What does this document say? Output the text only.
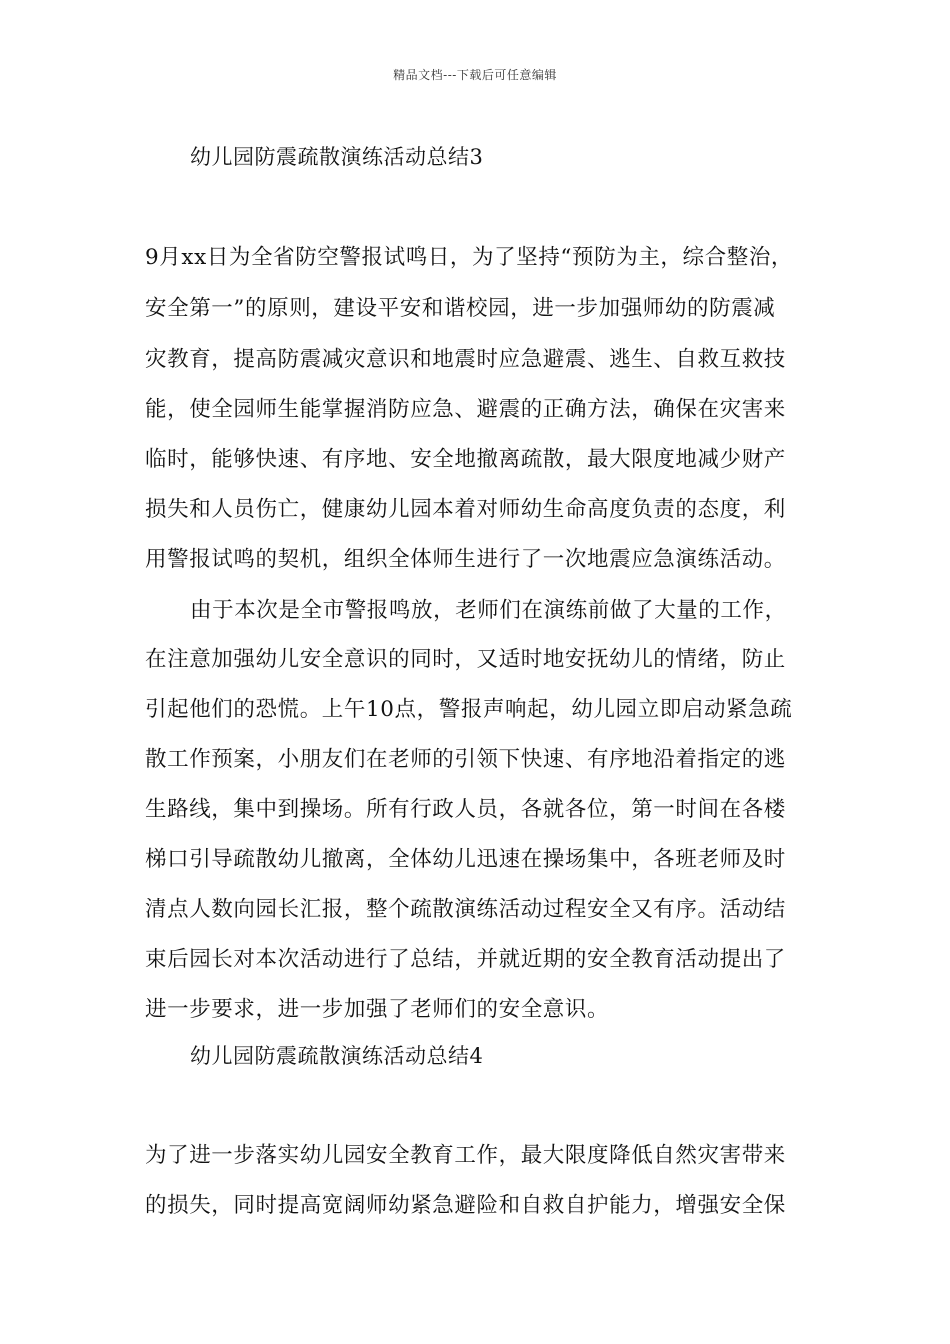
精品文档---下载后可任意编辑
幼儿园防震疏散演练活动总结3
9月xx日为全省防空警报试鸣日，为了坚持“预防为主，综合整治，
安全第一”的原则，建设平安和谐校园，进一步加强师幼的防震减
灾教育，提高防震减灾意识和地震时应急避震、逃生、自救互救技
能，使全园师生能掌握消防应急、避震的正确方法，确保在灾害来
临时，能够快速、有序地、安全地撤离疏散，最大限度地减少财产
损失和人员伤亡，健康幼儿园本着对师幼生命高度负责的态度，利
用警报试鸣的契机，组织全体师生进行了一次地震应急演练活动。
由于本次是全市警报鸣放，老师们在演练前做了大量的工作，
在注意加强幼儿安全意识的同时，又适时地安抚幼儿的情绪，防止
引起他们的恐慌。上午10点，警报声响起，幼儿园立即启动紧急疏
散工作预案，小朋友们在老师的引领下快速、有序地沿着指定的逃
生路线，集中到操场。所有行政人员，各就各位，第一时间在各楼
梯口引导疏散幼儿撤离，全体幼儿迅速在操场集中，各班老师及时
清点人数向园长汇报，整个疏散演练活动过程安全又有序。活动结
束后园长对本次活动进行了总结，并就近期的安全教育活动提出了
进一步要求，进一步加强了老师们的安全意识。
幼儿园防震疏散演练活动总结4
为了进一步落实幼儿园安全教育工作，最大限度降低自然灾害带来
的损失，同时提高宽阔师幼紧急避险和自救自护能力，增强安全保
